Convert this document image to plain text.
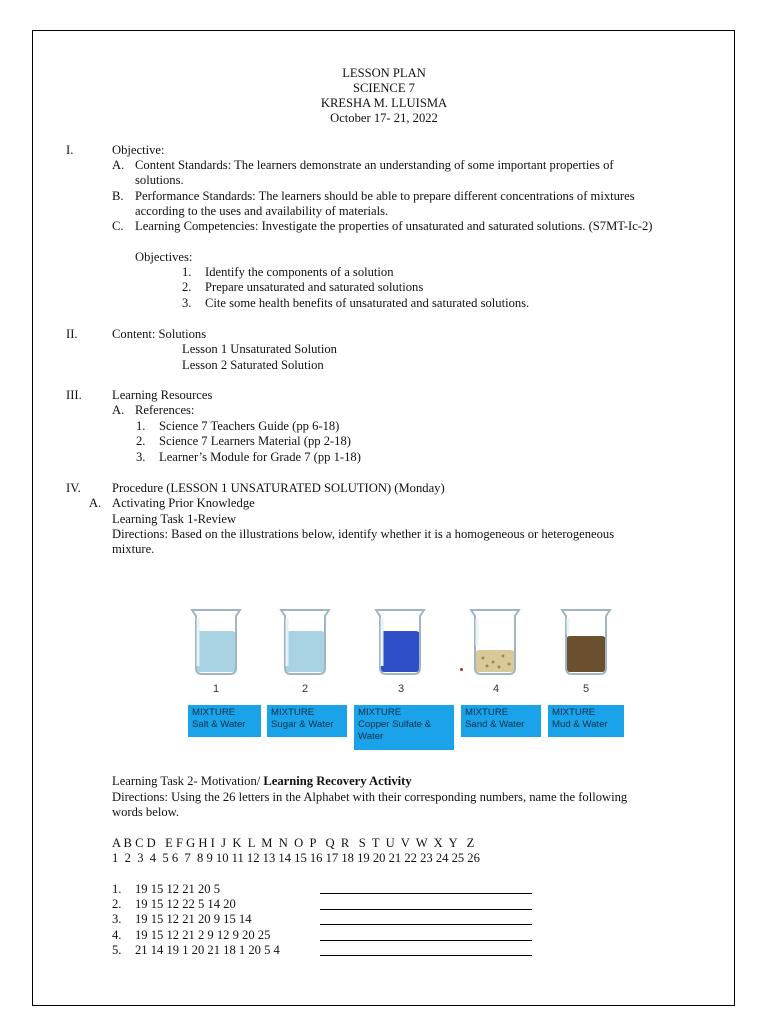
LESSON PLAN
SCIENCE 7
KRESHA M. LLUISMA
October 17- 21, 2022
I.	Objective:
A. Content Standards: The learners demonstrate an understanding of some important properties of
solutions.
B. Performance Standards: The learners should be able to prepare different concentrations of mixtures
according to the uses and availability of materials.
C. Learning Competencies: Investigate the properties of unsaturated and saturated solutions. (S7MT-Ic-2)
Objectives:
1. Identify the components of a solution
2. Prepare unsaturated and saturated solutions
3. Cite some health benefits of unsaturated and saturated solutions.
II.	Content: Solutions
Lesson 1 Unsaturated Solution
Lesson 2 Saturated Solution
III. Learning Resources
A. References:
1. Science 7 Teachers Guide (pp 6-18)
2. Science 7 Learners Material (pp 2-18)
3. Learner’s Module for Grade 7 (pp 1-18)
IV. Procedure (LESSON 1 UNSATURATED SOLUTION) (Monday)
A. Activating Prior Knowledge
Learning Task 1-Review
Directions: Based on the illustrations below, identify whether it is a homogeneous or heterogeneous
mixture.
1	2	3	4	5
MIXTURE
Salt & Water
MIXTURE
Sugar & Water
MIXTURE
Copper Sulfate & Water
MIXTURE
Sand & Water
MIXTURE
Mud & Water
Learning Task 2- Motivation/ Learning Recovery Activity
Directions: Using the 26 letters in the Alphabet with their corresponding numbers, name the following
words below.
A B C D   E F G H I  J  K  L  M  N  O  P   Q  R   S  T  U  V  W  X  Y   Z
1  2  3  4  5 6  7  8 9 10 11 12 13 14 15 16 17 18 19 20 21 22 23 24 25 26
1. 19 15 12 21 20 5
2. 19 15 12 22 5 14 20
3. 19 15 12 21 20 9 15 14
4. 19 15 12 21 2 9 12 9 20 25
5. 21 14 19 1 20 21 18 1 20 5 4
